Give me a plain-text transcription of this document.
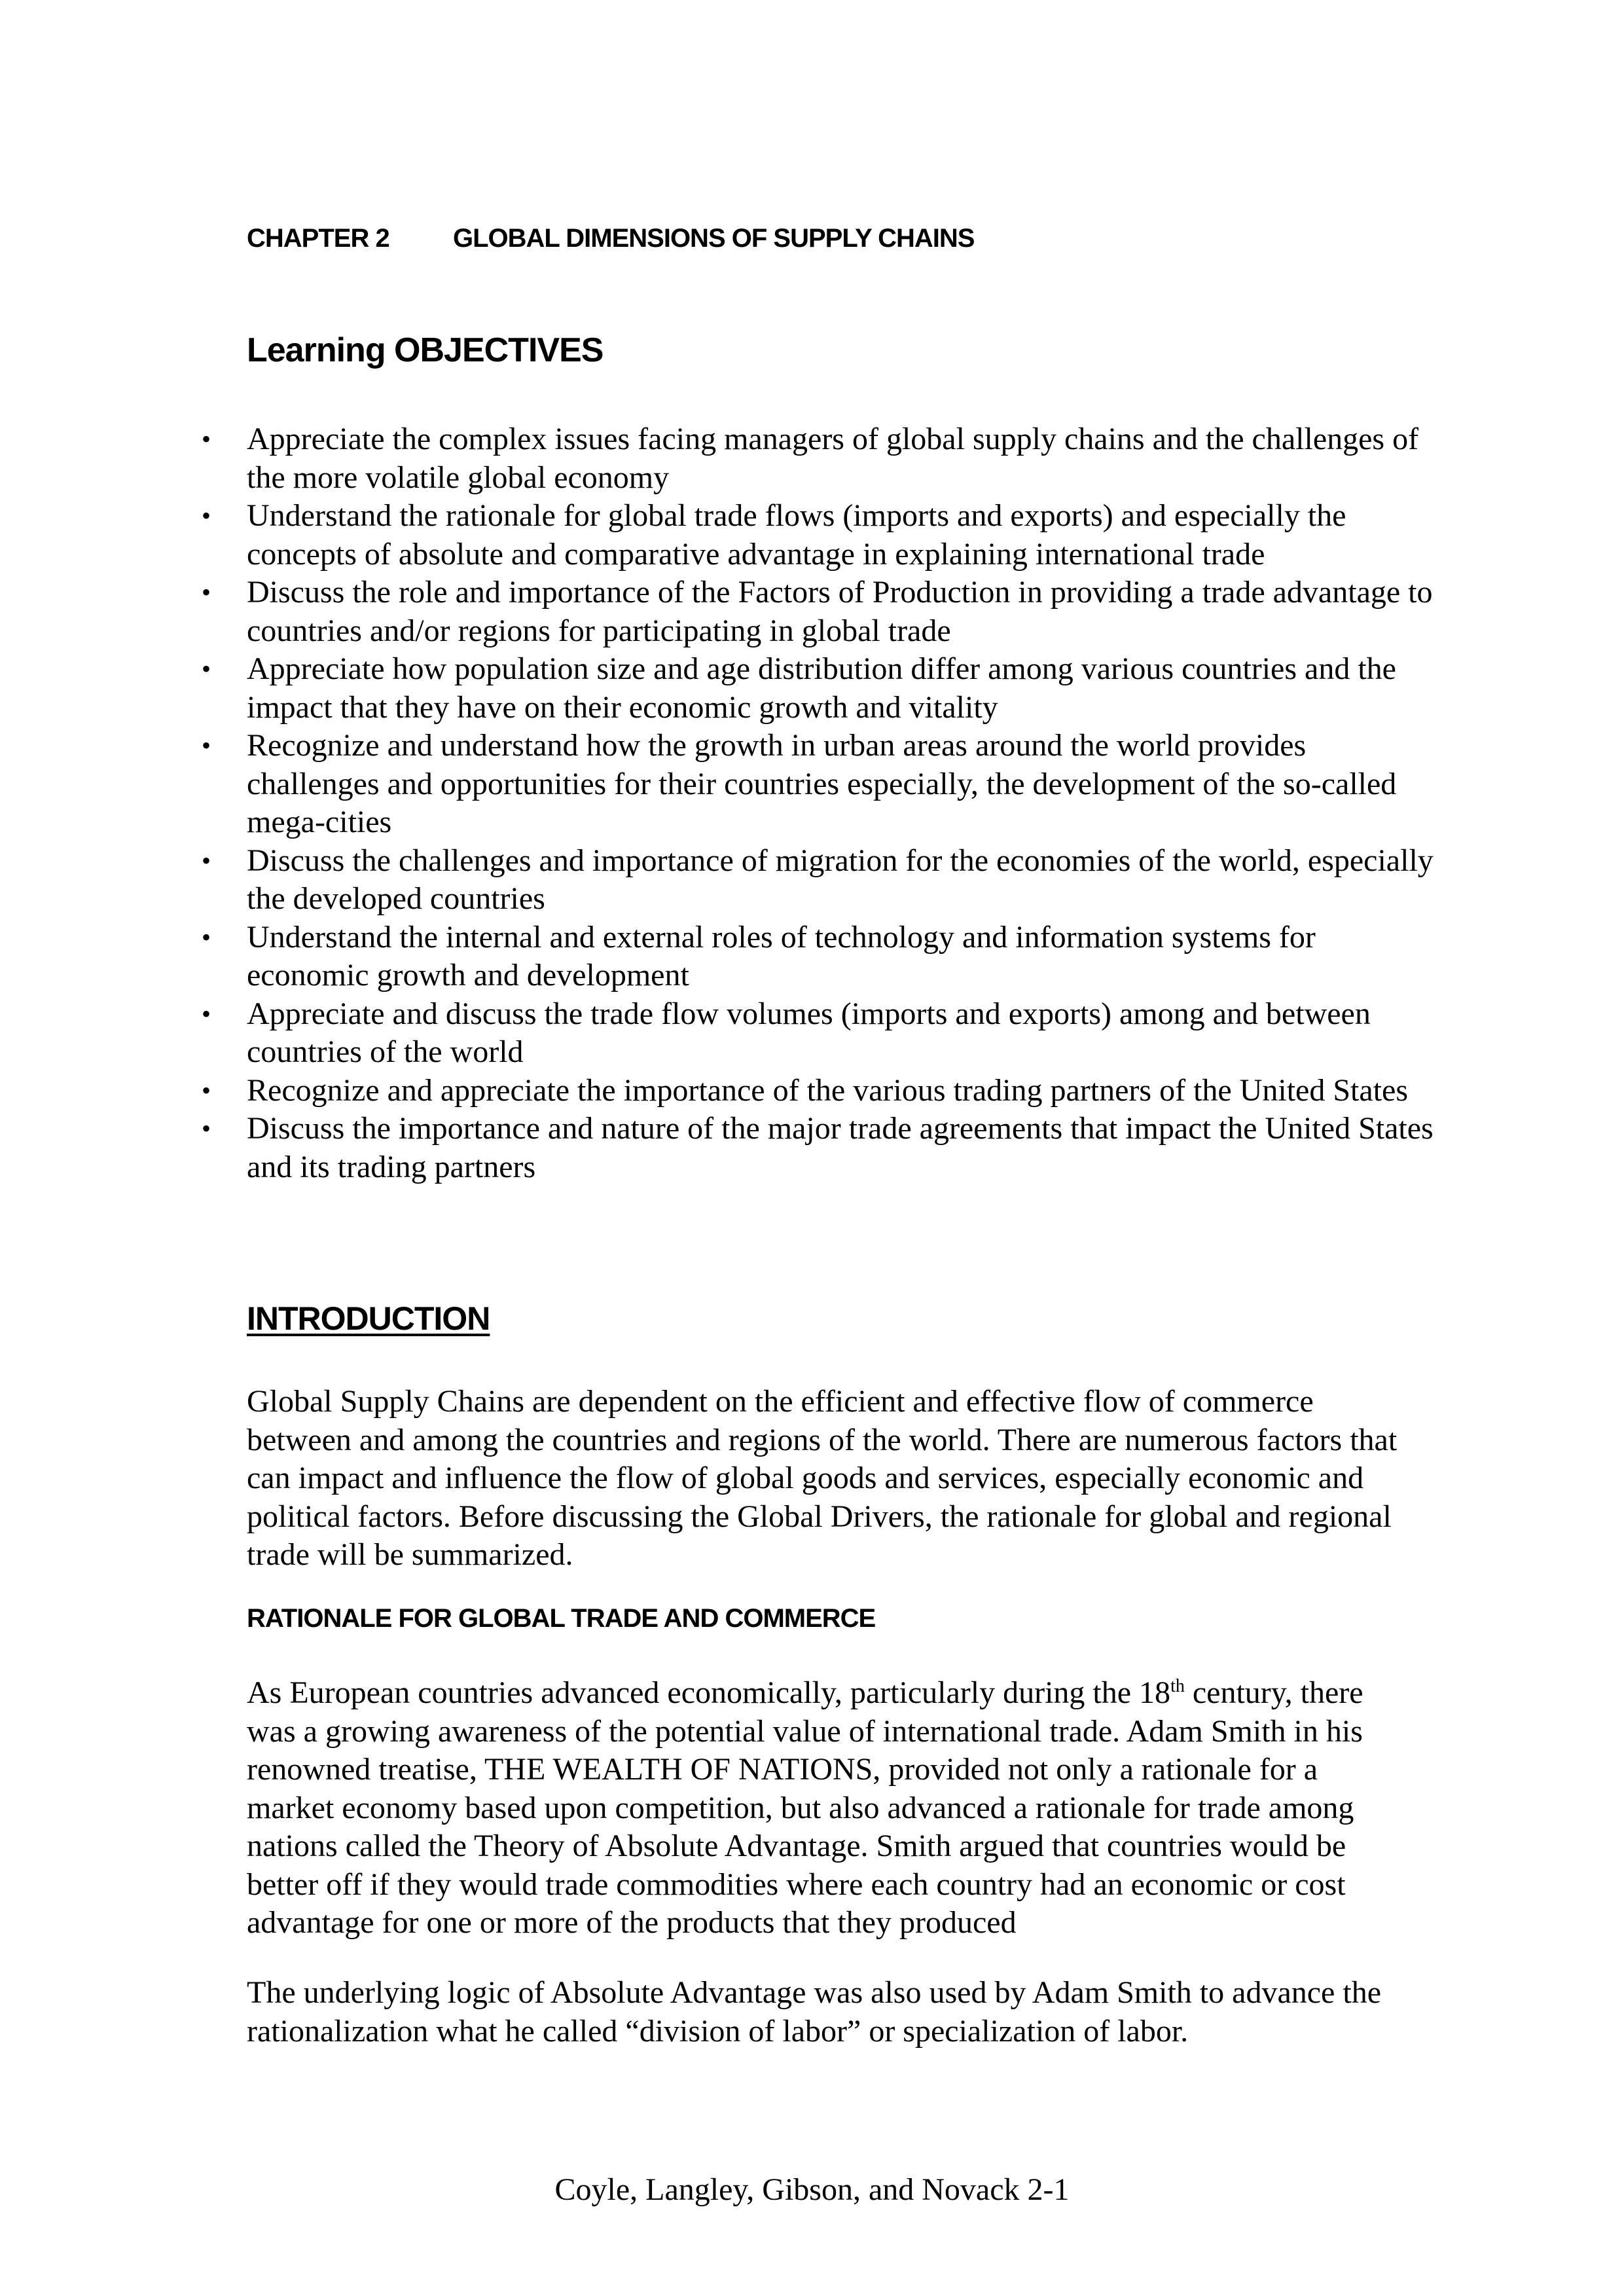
CHAPTER 2 GLOBAL DIMENSIONS OF SUPPLY CHAINS
Learning OBJECTIVES
• Appreciate the complex issues facing managers of global supply chains and the challenges of the more volatile global economy
• Understand the rationale for global trade flows (imports and exports) and especially the concepts of absolute and comparative advantage in explaining international trade
• Discuss the role and importance of the Factors of Production in providing a trade advantage to countries and/or regions for participating in global trade
• Appreciate how population size and age distribution differ among various countries and the impact that they have on their economic growth and vitality
• Recognize and understand how the growth in urban areas around the world provides challenges and opportunities for their countries especially, the development of the so-called mega-cities
• Discuss the challenges and importance of migration for the economies of the world, especially the developed countries
• Understand the internal and external roles of technology and information systems for economic growth and development
• Appreciate and discuss the trade flow volumes (imports and exports) among and between countries of the world
• Recognize and appreciate the importance of the various trading partners of the United States
• Discuss the importance and nature of the major trade agreements that impact the United States and its trading partners
INTRODUCTION

Global Supply Chains are dependent on the efficient and effective flow of commerce between and among the countries and regions of the world. There are numerous factors that can impact and influence the flow of global goods and services, especially economic and political factors. Before discussing the Global Drivers, the rationale for global and regional trade will be summarized.

RATIONALE FOR GLOBAL TRADE AND COMMERCE

As European countries advanced economically, particularly during the 18th century, there was a growing awareness of the potential value of international trade. Adam Smith in his renowned treatise, THE WEALTH OF NATIONS, provided not only a rationale for a market economy based upon competition, but also advanced a rationale for trade among nations called the Theory of Absolute Advantage. Smith argued that countries would be better off if they would trade commodities where each country had an economic or cost advantage for one or more of the products that they produced

The underlying logic of Absolute Advantage was also used by Adam Smith to advance the rationalization what he called “division of labor” or specialization of labor.

Coyle, Langley, Gibson, and Novack 2-1
